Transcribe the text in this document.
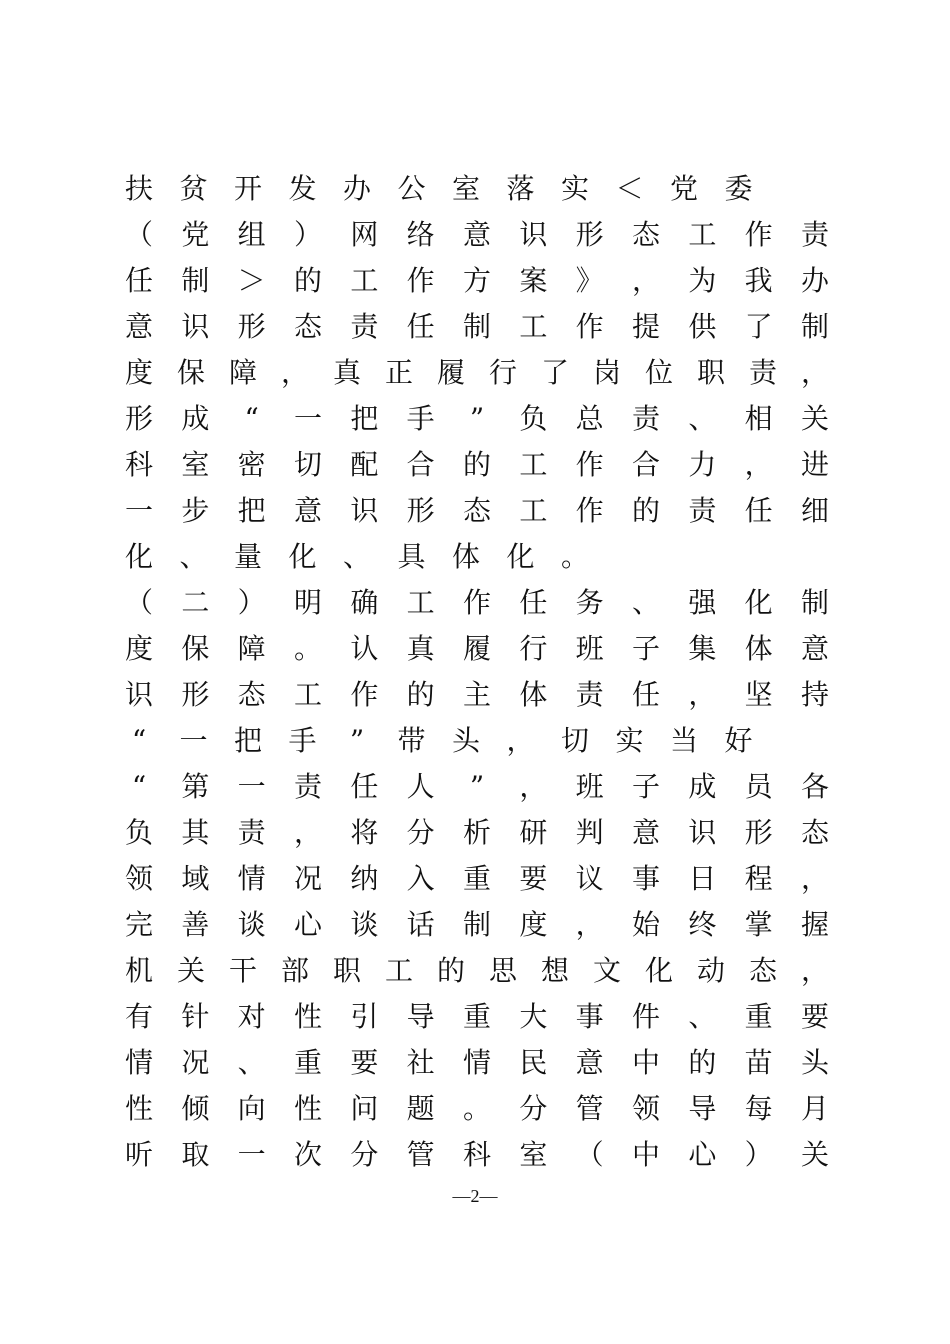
扶 贫 开 发 办 公 室 落 实 ＜ 党 委
（ 党 组 ） 网 络 意 识 形 态 工 作 责
任 制 ＞ 的 工 作 方 案 》 ， 为 我 办
意 识 形 态 责 任 制 工 作 提 供 了 制
度 保 障 ， 真 正 履 行 了 岗 位 职 责 ，
形 成 “ 一 把 手 ” 负 总 责 、 相 关
科 室 密 切 配 合 的 工 作 合 力 ， 进
一 步 把 意 识 形 态 工 作 的 责 任 细
化 、 量 化 、 具 体 化 。
（ 二 ） 明 确 工 作 任 务 、 强 化 制
度 保 障 。 认 真 履 行 班 子 集 体 意
识 形 态 工 作 的 主 体 责 任 ， 坚 持
“ 一 把 手 ” 带 头 ， 切 实 当 好
“ 第 一 责 任 人 ” ， 班 子 成 员 各
负 其 责 ， 将 分 析 研 判 意 识 形 态
领 域 情 况 纳 入 重 要 议 事 日 程 ，
完 善 谈 心 谈 话 制 度 ， 始 终 掌 握
机 关 干 部 职 工 的 思 想 文 化 动 态 ，
有 针 对 性 引 导 重 大 事 件 、 重 要
情 况 、 重 要 社 情 民 意 中 的 苗 头
性 倾 向 性 问 题 。 分 管 领 导 每 月
听 取 一 次 分 管 科 室 （ 中 心 ） 关
—2—
